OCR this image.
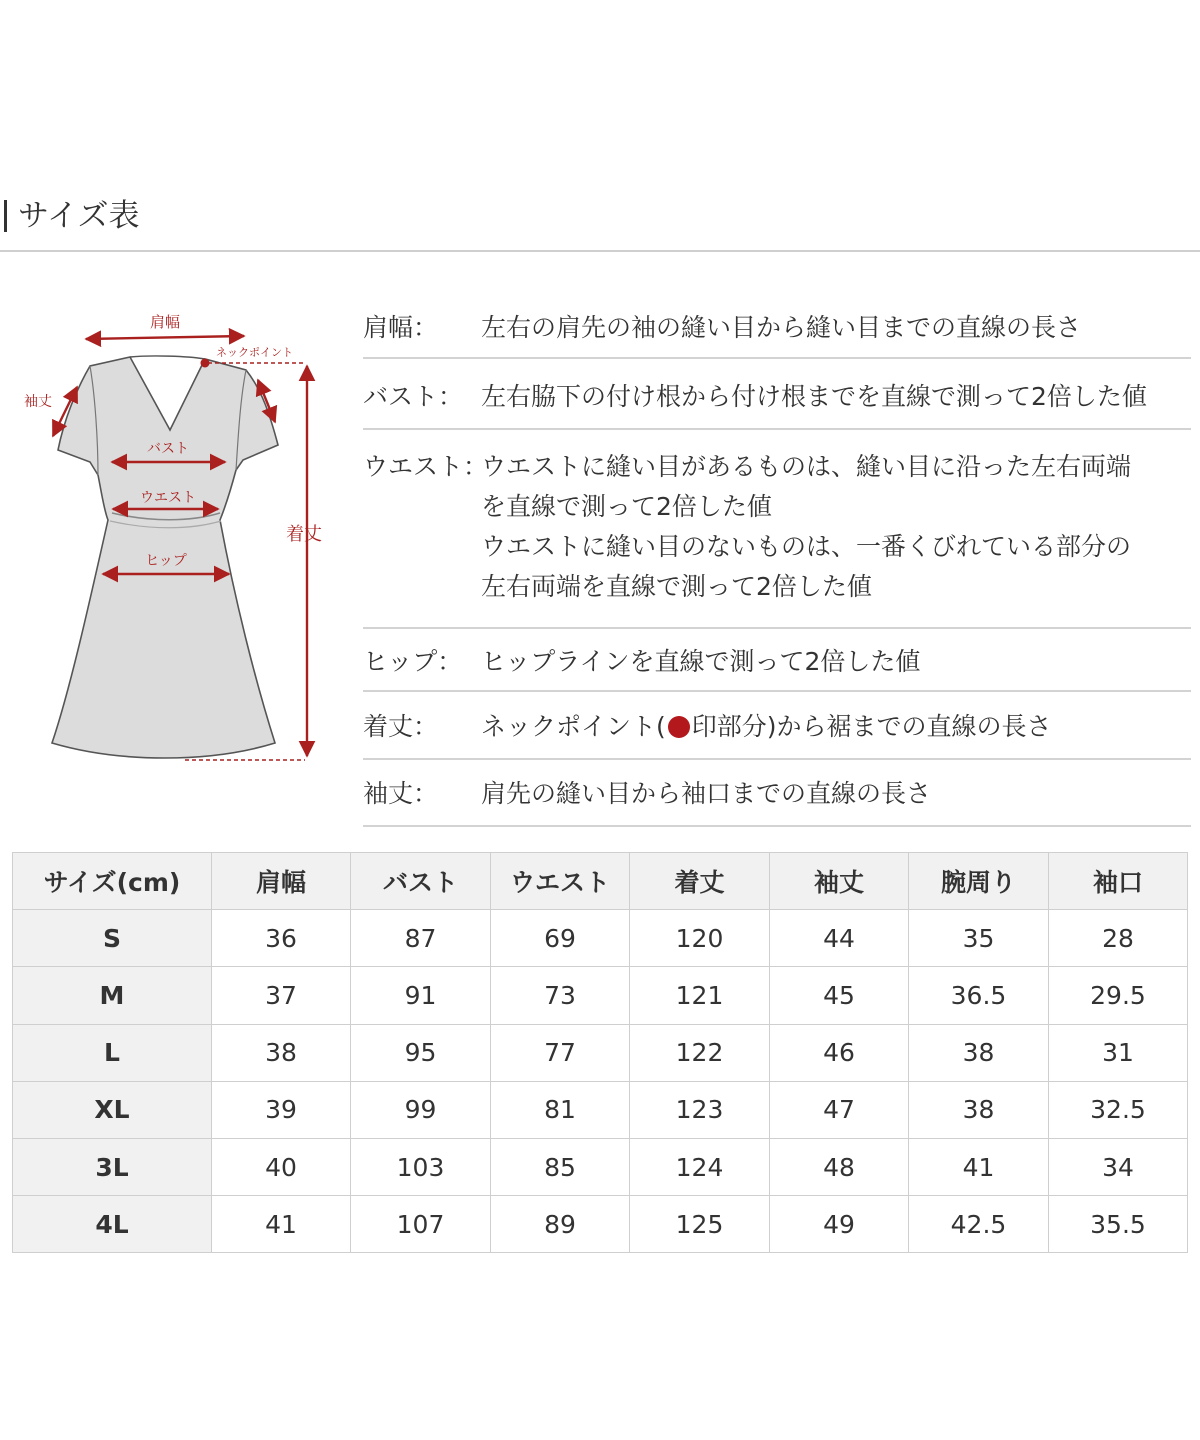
サイズ表
肩幅
ネックポイント
袖丈
バスト
ウエスト
ヒップ
着丈
肩幅：	左右の肩先の袖の縫い目から縫い目までの直線の長さ
バスト： 左右脇下の付け根から付け根までを直線で測って2倍した値
ウエスト：
ウエストに縫い目があるものは、縫い目に沿った左右両端
を直線で測って2倍した値
ウエストに縫い目のないものは、一番くびれている部分の
左右両端を直線で測って2倍した値
ヒップ： ヒップラインを直線で測って2倍した値
着丈：	ネックポイント( 印部分)から裾までの直線の長さ
袖丈：	肩先の縫い目から袖口までの直線の長さ
サイズ(cm)	肩幅	バスト	ウエスト	着丈	袖丈	腕周り	袖口
S	36	87	69	120	44	35	28
M	37	91	73	121	45	36.5	29.5
L	38	95	77	122	46	38	31
XL	39	99	81	123	47	38	32.5
3L	40	103	85	124	48	41	34
4L	41	107	89	125	49	42.5	35.5
